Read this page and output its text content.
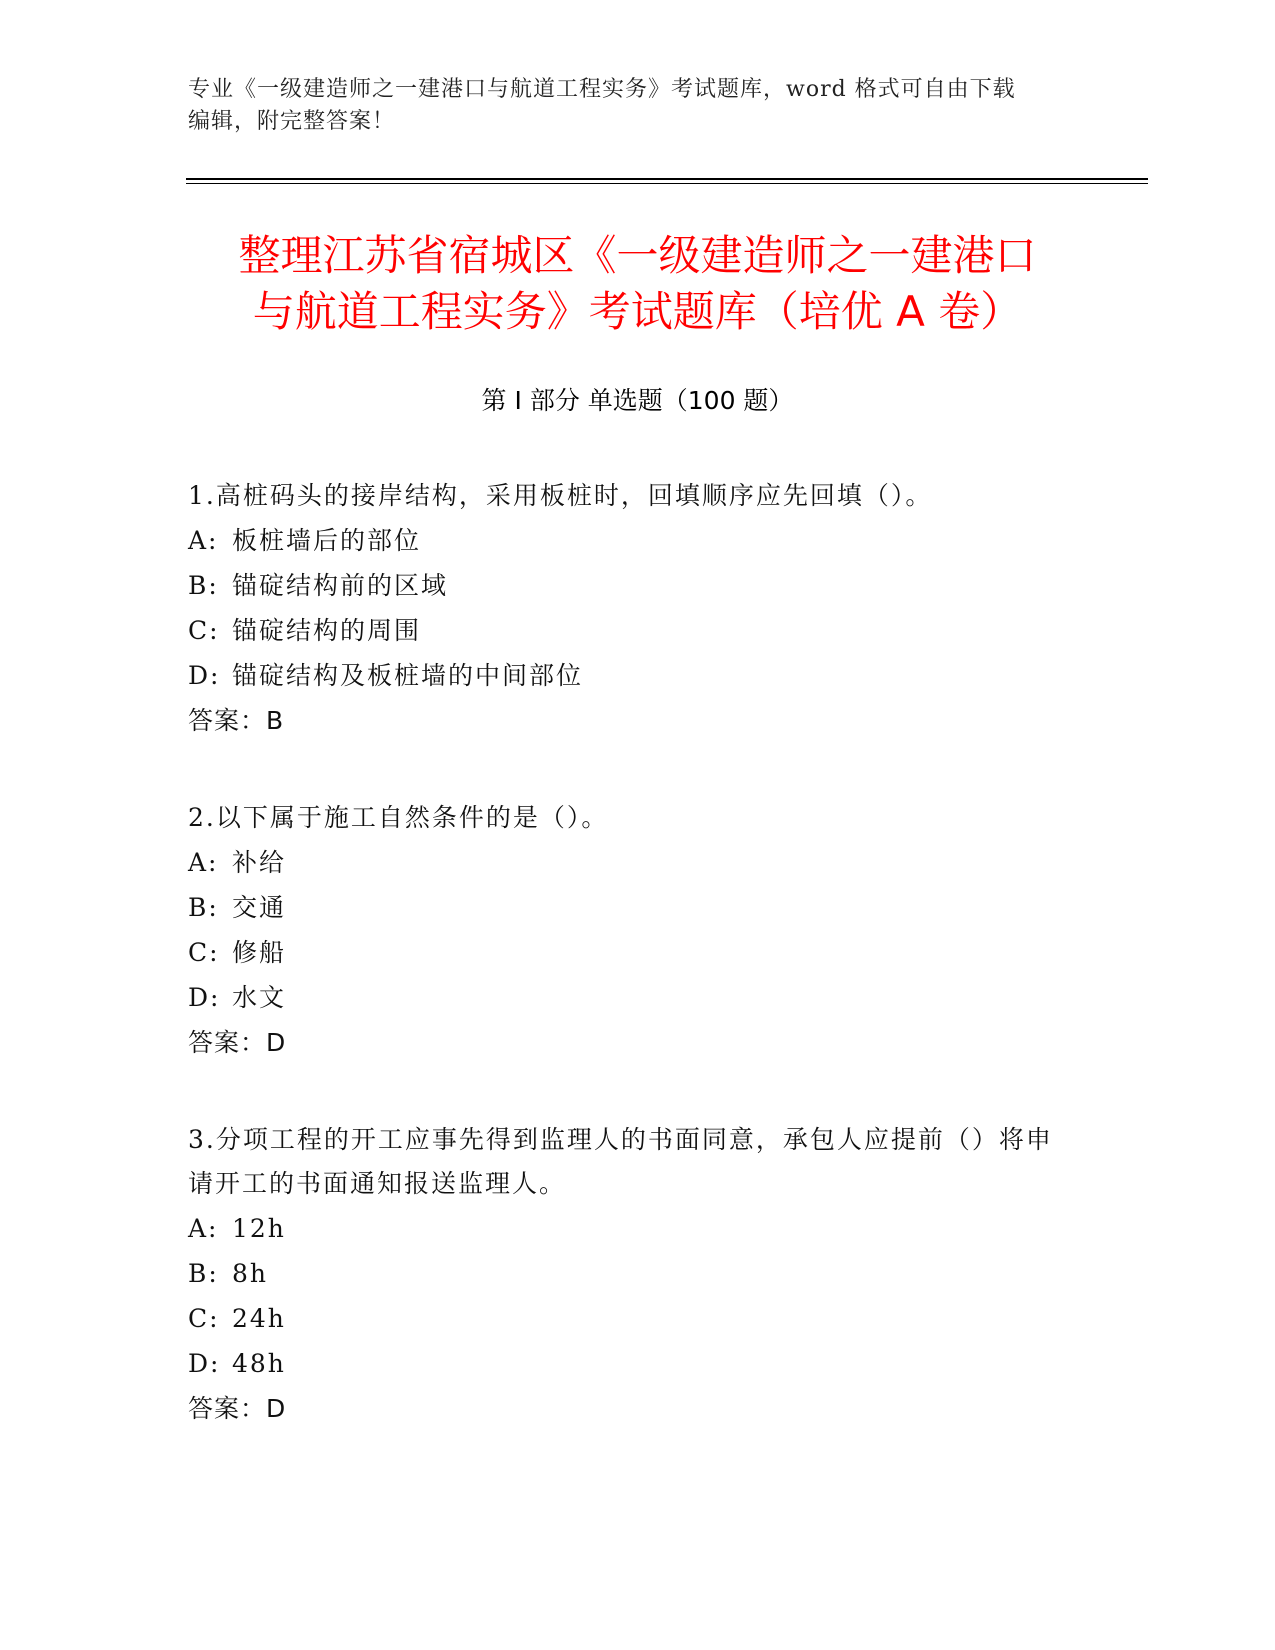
专业《一级建造师之一建港口与航道工程实务》考试题库，word 格式可自由下载
编辑，附完整答案！
整理江苏省宿城区《一级建造师之一建港口
与航道工程实务》考试题库（培优 A 卷）
第 I 部分 单选题（100 题）

1.高桩码头的接岸结构，采用板桩时，回填顺序应先回填（）。

A: 板桩墙后的部位
B: 锚碇结构前的区域
C: 锚碇结构的周围
D: 锚碇结构及板桩墙的中间部位
答案：B

2.以下属于施工自然条件的是（）。

A: 补给
B: 交通
C: 修船
D: 水文
答案：D

3.分项工程的开工应事先得到监理人的书面同意，承包人应提前（）将申请开工的书面通知报送监理人。

A: 12h
B: 8h
C: 24h
D: 48h
答案：D
